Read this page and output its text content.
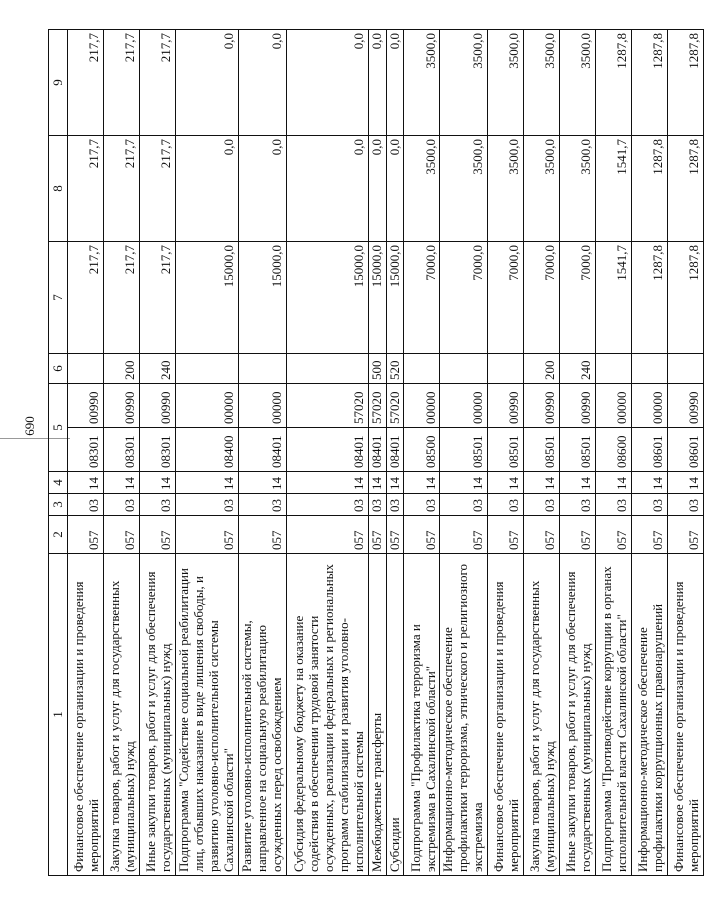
690
1	2	3	4	5		6	7	8	9
Финансовое обеспечение организации и проведения мероприятий	057	03	14	08301	00990		217,7	217,7	217,7
Закупка товаров, работ и услуг для государственных (муниципальных) нужд	057	03	14	08301	00990	200	217,7	217,7	217,7
Иные закупки товаров, работ и услуг для обеспечения государственных (муниципальных) нужд	057	03	14	08301	00990	240	217,7	217,7	217,7
Подпрограмма "Содействие социальной реабилитации лиц, отбывших наказание в виде лишения свободы, и развитию уголовно-исполнительной системы Сахалинской области"	057	03	14	08400	00000		15000,0	0,0	0,0
Развитие уголовно-исполнительной системы, направленное на социальную реабилитацию осужденных перед освобождением	057	03	14	08401	00000		15000,0	0,0	0,0
Субсидия федеральному бюджету на оказание содействия в обеспечении трудовой занятости осужденных, реализации федеральных и региональных программ стабилизации и развития уголовно-исполнительной системы	057	03	14	08401	57020		15000,0	0,0	0,0
Межбюджетные трансферты	057	03	14	08401	57020	500	15000,0	0,0	0,0
Субсидии	057	03	14	08401	57020	520	15000,0	0,0	0,0
Подпрограмма "Профилактика терроризма и экстремизма в Сахалинской области"	057	03	14	08500	00000		7000,0	3500,0	3500,0
Информационно-методическое обеспечение профилактики терроризма, этнического и религиозного экстремизма	057	03	14	08501	00000		7000,0	3500,0	3500,0
Финансовое обеспечение организации и проведения мероприятий	057	03	14	08501	00990		7000,0	3500,0	3500,0
Закупка товаров, работ и услуг для государственных (муниципальных) нужд	057	03	14	08501	00990	200	7000,0	3500,0	3500,0
Иные закупки товаров, работ и услуг для обеспечения государственных (муниципальных) нужд	057	03	14	08501	00990	240	7000,0	3500,0	3500,0
Подпрограмма "Противодействие коррупции в органах исполнительной власти Сахалинской области"	057	03	14	08600	00000		1541,7	1541,7	1287,8
Информационно-методическое обеспечение профилактики коррупционных правонарушений	057	03	14	08601	00000		1287,8	1287,8	1287,8
Финансовое обеспечение организации и проведения мероприятий	057	03	14	08601	00990		1287,8	1287,8	1287,8
